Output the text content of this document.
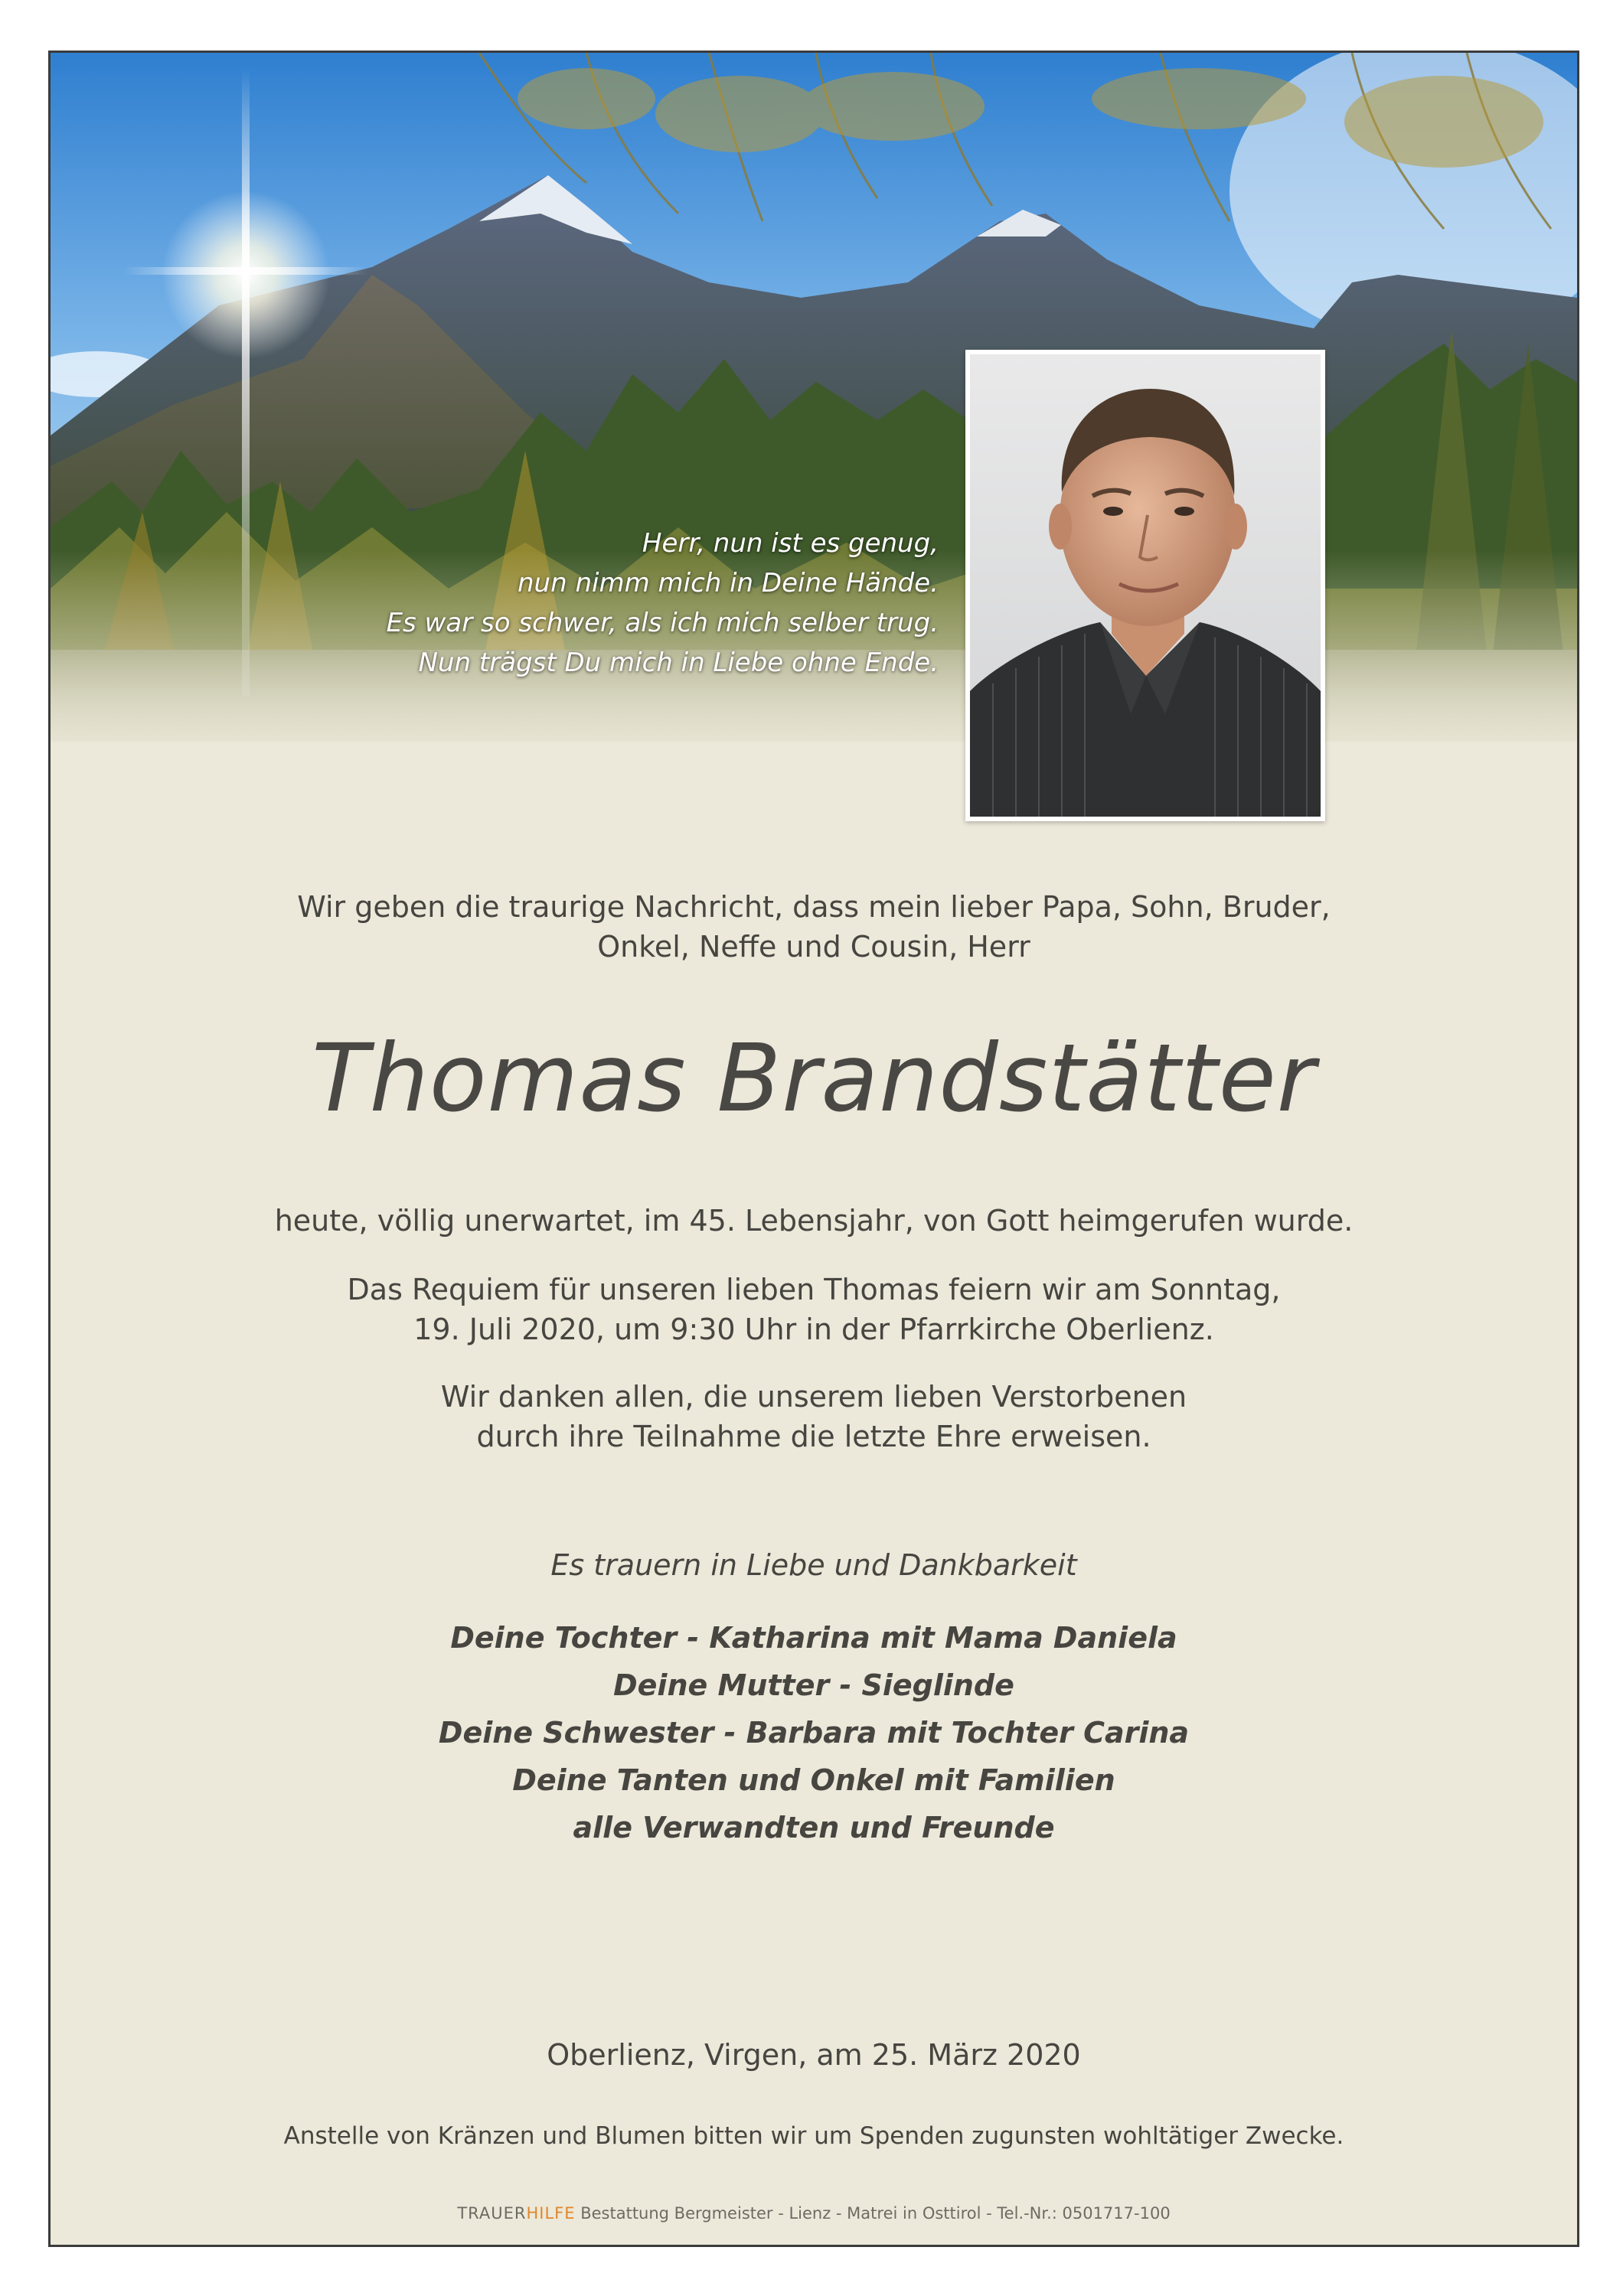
Herr, nun ist es genug,
nun nimm mich in Deine Hände.
Es war so schwer, als ich mich selber trug.
Nun trägst Du mich in Liebe ohne Ende.
Wir geben die traurige Nachricht, dass mein lieber Papa, Sohn, Bruder,
Onkel, Neffe und Cousin, Herr
Thomas Brandstätter
heute, völlig unerwartet, im 45. Lebensjahr, von Gott heimgerufen wurde.
Das Requiem für unseren lieben Thomas feiern wir am Sonntag,
19. Juli 2020, um 9:30 Uhr in der Pfarrkirche Oberlienz.
Wir danken allen, die unserem lieben Verstorbenen
durch ihre Teilnahme die letzte Ehre erweisen.
Es trauern in Liebe und Dankbarkeit
Deine Tochter - Katharina mit Mama Daniela
Deine Mutter - Sieglinde
Deine Schwester - Barbara mit Tochter Carina
Deine Tanten und Onkel mit Familien
alle Verwandten und Freunde
Oberlienz, Virgen, am 25. März 2020
Anstelle von Kränzen und Blumen bitten wir um Spenden zugunsten wohltätiger Zwecke.
TRAUERHILFE Bestattung Bergmeister - Lienz - Matrei in Osttirol - Tel.-Nr.: 0501717-100
